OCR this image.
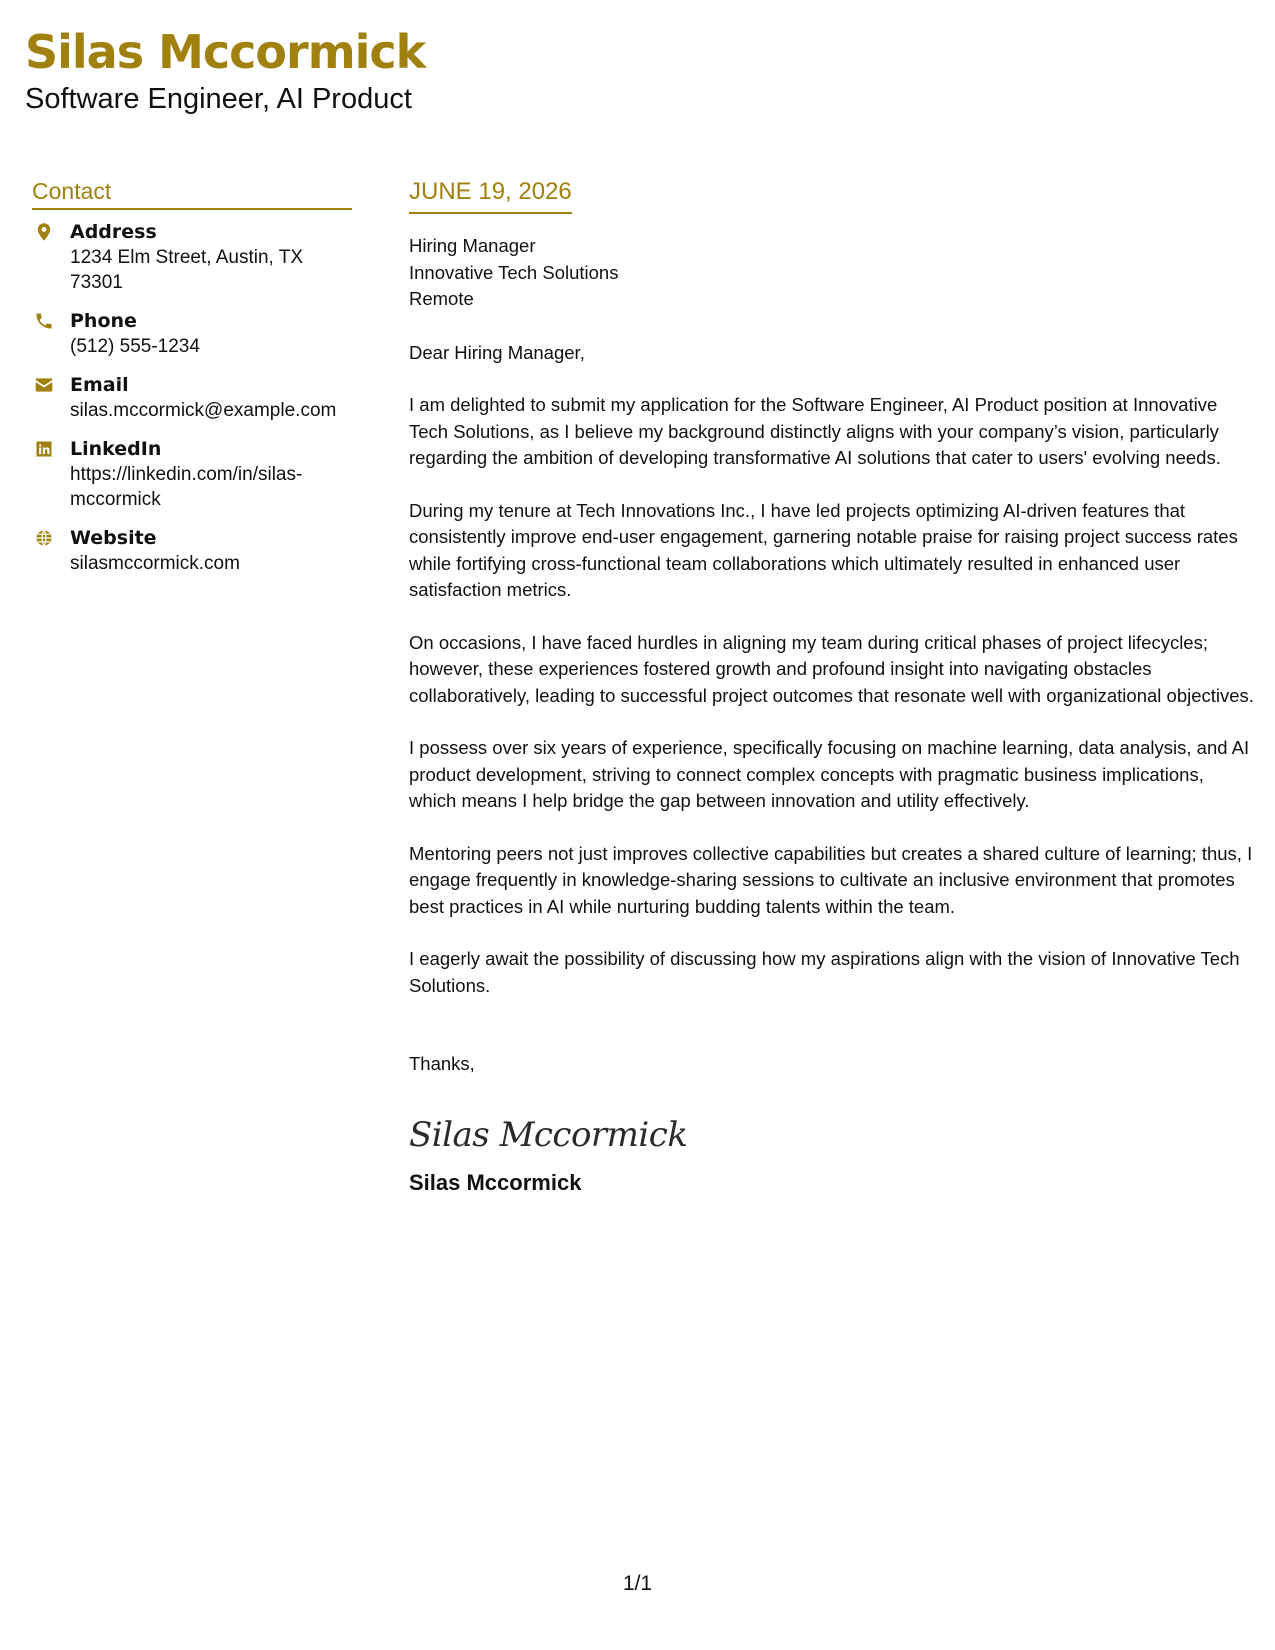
Silas Mccormick
Software Engineer, AI Product
Contact
Address
1234 Elm Street, Austin, TX 73301
Phone
(512) 555-1234
Email
silas.mccormick@example.com
LinkedIn
https://linkedin.com/in/silas-mccormick
Website
silasmccormick.com
JUNE 19, 2026
Hiring Manager
Innovative Tech Solutions
Remote
Dear Hiring Manager,
I am delighted to submit my application for the Software Engineer, AI Product position at Innovative Tech Solutions, as I believe my background distinctly aligns with your company’s vision, particularly regarding the ambition of developing transformative AI solutions that cater to users' evolving needs.
During my tenure at Tech Innovations Inc., I have led projects optimizing AI-driven features that consistently improve end-user engagement, garnering notable praise for raising project success rates while fortifying cross-functional team collaborations which ultimately resulted in enhanced user satisfaction metrics.
On occasions, I have faced hurdles in aligning my team during critical phases of project lifecycles; however, these experiences fostered growth and profound insight into navigating obstacles collaboratively, leading to successful project outcomes that resonate well with organizational objectives.
I possess over six years of experience, specifically focusing on machine learning, data analysis, and AI product development, striving to connect complex concepts with pragmatic business implications, which means I help bridge the gap between innovation and utility effectively.
Mentoring peers not just improves collective capabilities but creates a shared culture of learning; thus, I engage frequently in knowledge-sharing sessions to cultivate an inclusive environment that promotes best practices in AI while nurturing budding talents within the team.
I eagerly await the possibility of discussing how my aspirations align with the vision of Innovative Tech Solutions.
Thanks,
Silas Mccormick
Silas Mccormick
1/1
